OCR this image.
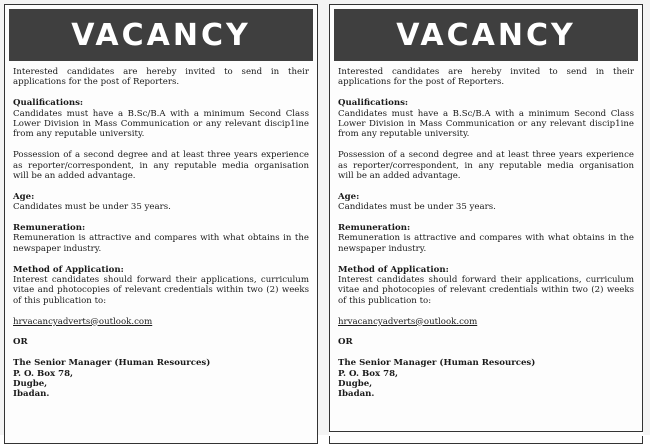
VACANCY

Interested candidates are hereby invited to send in their applications for the post of Reporters.

Qualifications:

Candidates must have a B.Sc/B.A with a minimum Second Class Lower Division in Mass Communication or any relevant discip1ine from any reputable university.

Possession of a second degree and at least three years experience as reporter/correspondent, in any reputable media organisation will be an added advantage.

Age:

Candidates must be under 35 years.

Remuneration:

Remuneration is attractive and compares with what obtains in the newspaper industry.

Method of Application:

Interest candidates should forward their applications, curriculum vitae and photocopies of relevant credentials within two (2) weeks of this publication to:

hrvacancyadverts@outlook.com

OR

The Senior Manager (Human Resources)

P. O. Box 78,

Dugbe,

Ibadan.

VACANCY

Interested candidates are hereby invited to send in their applications for the post of Reporters.

Qualifications:

Candidates must have a B.Sc/B.A with a minimum Second Class Lower Division in Mass Communication or any relevant discip1ine from any reputable university.

Possession of a second degree and at least three years experience as reporter/correspondent, in any reputable media organisation will be an added advantage.

Age:

Candidates must be under 35 years.

Remuneration:

Remuneration is attractive and compares with what obtains in the newspaper industry.

Method of Application:

Interest candidates should forward their applications, curriculum vitae and photocopies of relevant credentials within two (2) weeks of this publication to:

hrvacancyadverts@outlook.com

OR

The Senior Manager (Human Resources)

P. O. Box 78,

Dugbe,

Ibadan.
